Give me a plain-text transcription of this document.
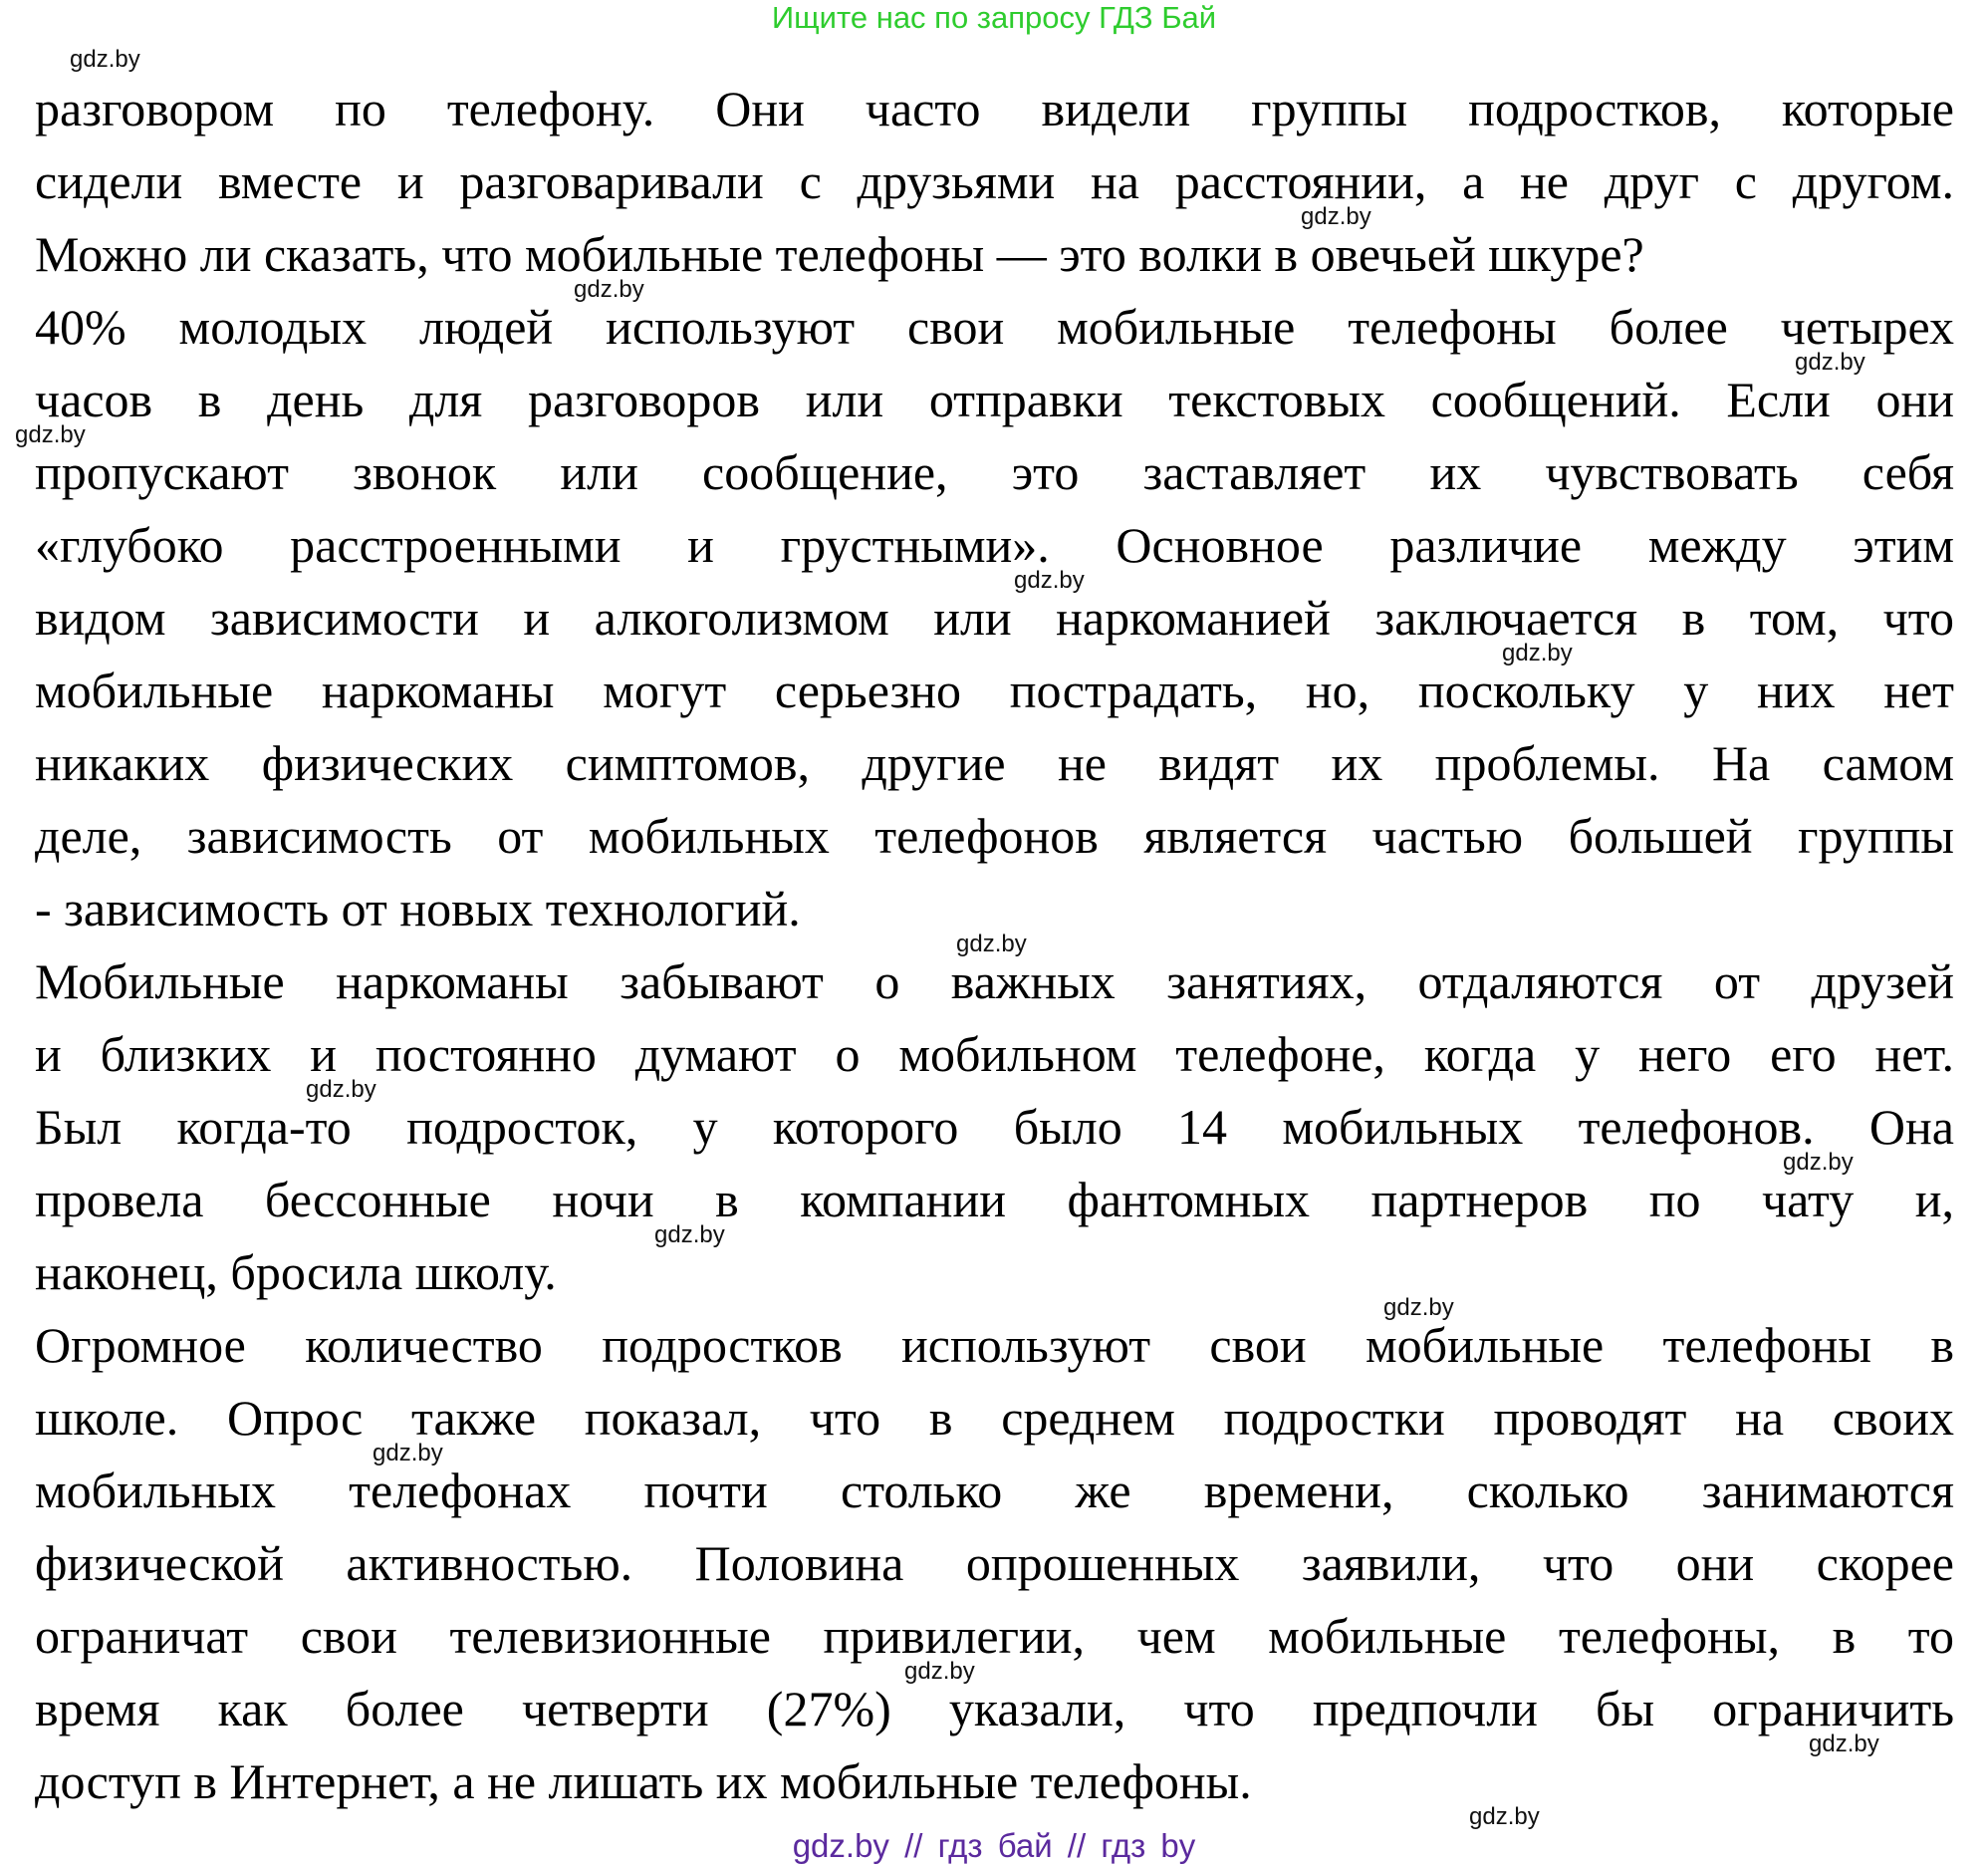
Ищите нас по запросу ГДЗ Бай
разговором по телефону. Они часто видели группы подростков, которые
сидели вместе и разговаривали с друзьями на расстоянии, а не друг с другом.
Можно ли сказать, что мобильные телефоны — это волки в овечьей шкуре?
40% молодых людей используют свои мобильные телефоны более четырех
часов в день для разговоров или отправки текстовых сообщений. Если они
пропускают звонок или сообщение, это заставляет их чувствовать себя
«глубоко расстроенными и грустными». Основное различие между этим
видом зависимости и алкоголизмом или наркоманией заключается в том, что
мобильные наркоманы могут серьезно пострадать, но, поскольку у них нет
никаких физических симптомов, другие не видят их проблемы. На самом
деле, зависимость от мобильных телефонов является частью большей группы
- зависимость от новых технологий.
Мобильные наркоманы забывают о важных занятиях, отдаляются от друзей
и близких и постоянно думают о мобильном телефоне, когда у него его нет.
Был когда-то подросток, у которого было 14 мобильных телефонов. Она
провела бессонные ночи в компании фантомных партнеров по чату и,
наконец, бросила школу.
Огромное количество подростков используют свои мобильные телефоны в
школе. Опрос также показал, что в среднем подростки проводят на своих
мобильных телефонах почти столько же времени, сколько занимаются
физической активностью. Половина опрошенных заявили, что они скорее
ограничат свои телевизионные привилегии, чем мобильные телефоны, в то
время как более четверти (27%) указали, что предпочли бы ограничить
доступ в Интернет, а не лишать их мобильные телефоны.
gdz.by
gdz.by
gdz.by
gdz.by
gdz.by
gdz.by
gdz.by
gdz.by
gdz.by
gdz.by
gdz.by
gdz.by
gdz.by
gdz.by
gdz.by
gdz.by
gdz.by // гдз бай // гдз by
